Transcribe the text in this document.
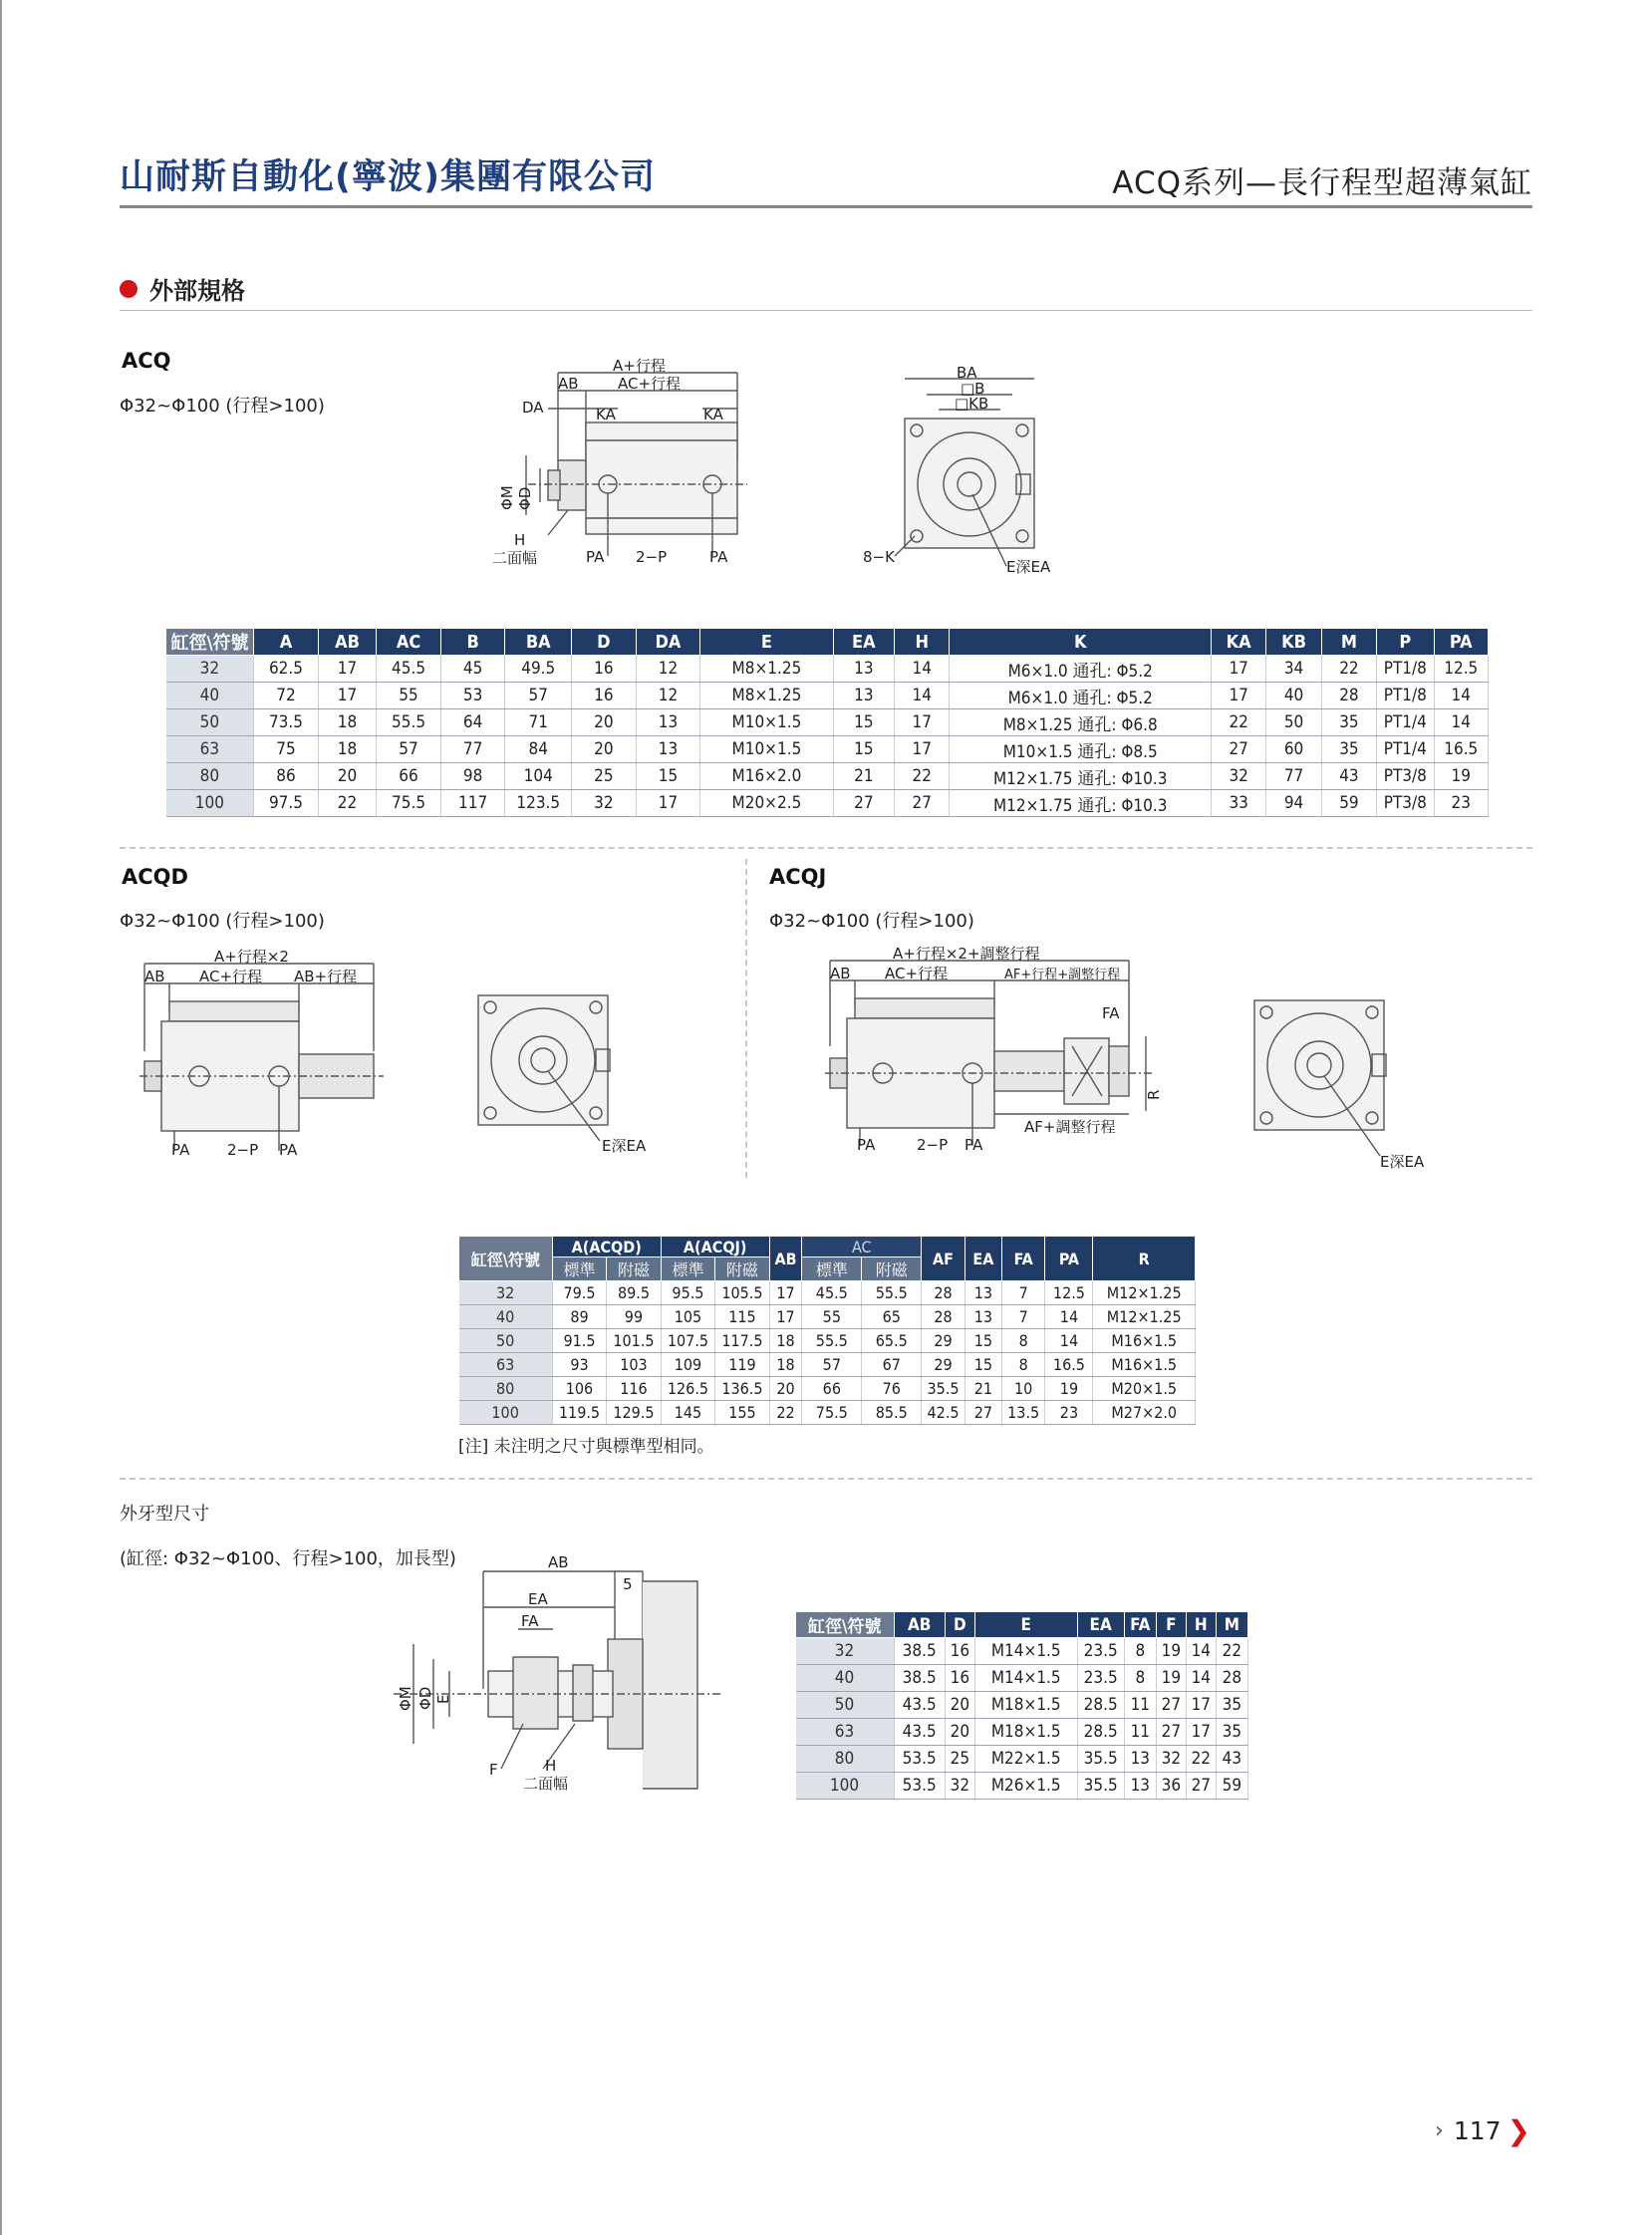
山耐斯自動化(寧波)集團有限公司	ACQ系列—長行程型超薄氣缸
外部規格
ACQ
Φ32~Φ100 (行程>100)
A+行程
AB	AC+行程
DA	KA	KA
ΦM ΦD
H
二面幅	PA 2−P	PA
BA
□B
□KB
8−K
E深EA
缸徑\符號	A	AB	AC	B	BA	D	DA	E	EA	H	K	KA	KB	M	P	PA
32	62.5	17	45.5	45	49.5	16	12	M8×1.25	13	14	M6×1.0 通孔: Φ5.2	17	34	22	PT1/8	12.5
40	72	17	55	53	57	16	12	M8×1.25	13	14	M6×1.0 通孔: Φ5.2	17	40	28	PT1/8	14
50	73.5	18	55.5	64	71	20	13	M10×1.5	15	17	M8×1.25 通孔: Φ6.8	22	50	35	PT1/4	14
63	75	18	57	77	84	20	13	M10×1.5	15	17	M10×1.5 通孔: Φ8.5	27	60	35	PT1/4	16.5
80	86	20	66	98	104	25	15	M16×2.0	21	22	M12×1.75 通孔: Φ10.3	32	77	43	PT3/8	19
100	97.5	22	75.5	117	123.5	32	17	M20×2.5	27	27	M12×1.75 通孔: Φ10.3	33	94	59	PT3/8	23
ACQD
Φ32~Φ100 (行程>100)
A+行程×2
AB AC+行程 AB+行程
PA	2−P PA	E深EA
ACQJ
Φ32~Φ100 (行程>100)
A+行程×2+調整行程
AB AC+行程	AF+行程+調整行程
FA
R
AF+調整行程
PA	2−P PA
E深EA
缸徑\符號	A(ACQD)		A(ACQJ)		AB	AC		AF	EA	FA	PA	R
	標準	附磁	標準	附磁		標準	附磁					
32	79.5	89.5	95.5	105.5	17	45.5	55.5	28	13	7	12.5	M12×1.25
40	89	99	105	115	17	55	65	28	13	7	14	M12×1.25
50	91.5	101.5	107.5	117.5	18	55.5	65.5	29	15	8	14	M16×1.5
63	93	103	109	119	18	57	67	29	15	8	16.5	M16×1.5
80	106	116	126.5	136.5	20	66	76	35.5	21	10	19	M20×1.5
100	119.5	129.5	145	155	22	75.5	85.5	42.5	27	13.5	23	M27×2.0
[注] 未注明之尺寸與標準型相同。
外牙型尺寸
(缸徑: Φ32~Φ100、行程>100，加長型)	AB
5
EA
FA
ΦM ΦD E
F	H
二面幅
缸徑\符號	AB	D	E	EA	FA	F	H	M
32	38.5	16	M14×1.5	23.5	8	19	14	22
40	38.5	16	M14×1.5	23.5	8	19	14	28
50	43.5	20	M18×1.5	28.5	11	27	17	35
63	43.5	20	M18×1.5	28.5	11	27	17	35
80	53.5	25	M22×1.5	35.5	13	32	22	43
100	53.5	32	M26×1.5	35.5	13	36	27	59
› 117 ❯
